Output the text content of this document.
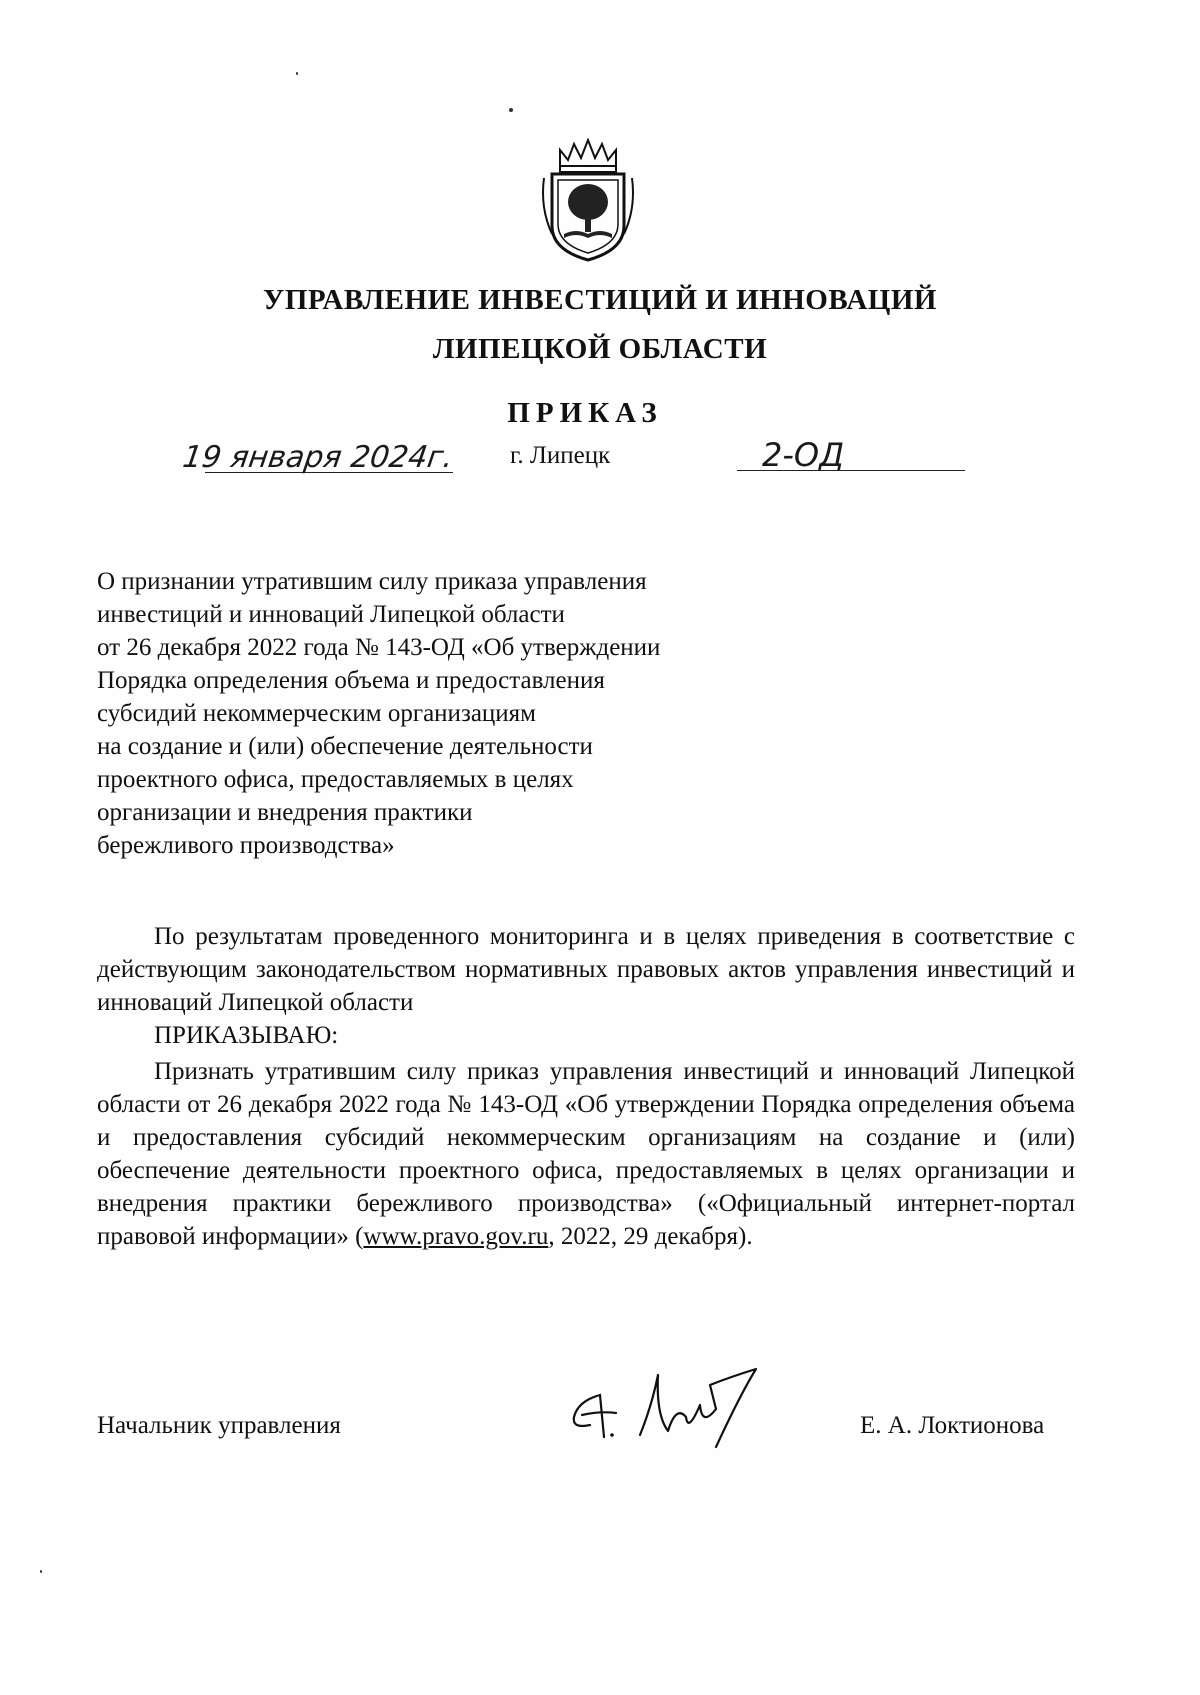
УПРАВЛЕНИЕ ИНВЕСТИЦИЙ И ИННОВАЦИЙ
ЛИПЕЦКОЙ ОБЛАСТИ
ПРИКАЗ
19 января 2024г. г. Липецк	2-ОД
О признании утратившим силу приказа управления
инвестиций и инноваций Липецкой области
от 26 декабря 2022 года № 143-ОД «Об утверждении
Порядка определения объема и предоставления
субсидий некоммерческим организациям
на создание и (или) обеспечение деятельности
проектного офиса, предоставляемых в целях
организации и внедрения практики
бережливого производства»

По результатам проведенного мониторинга и в целях приведения в соответствие с действующим законодательством нормативных правовых актов управления инвестиций и инноваций Липецкой области

ПРИКАЗЫВАЮ:

Признать утратившим силу приказ управления инвестиций и инноваций Липецкой области от 26 декабря 2022 года № 143-ОД «Об утверждении Порядка определения объема и предоставления субсидий некоммерческим организациям на создание и (или) обеспечение деятельности проектного офиса, предоставляемых в целях организации и внедрения практики бережливого производства» («Официальный интернет-портал правовой информации» (www.pravo.gov.ru, 2022, 29 декабря).

Начальник управления	Е. А. Локтионова
